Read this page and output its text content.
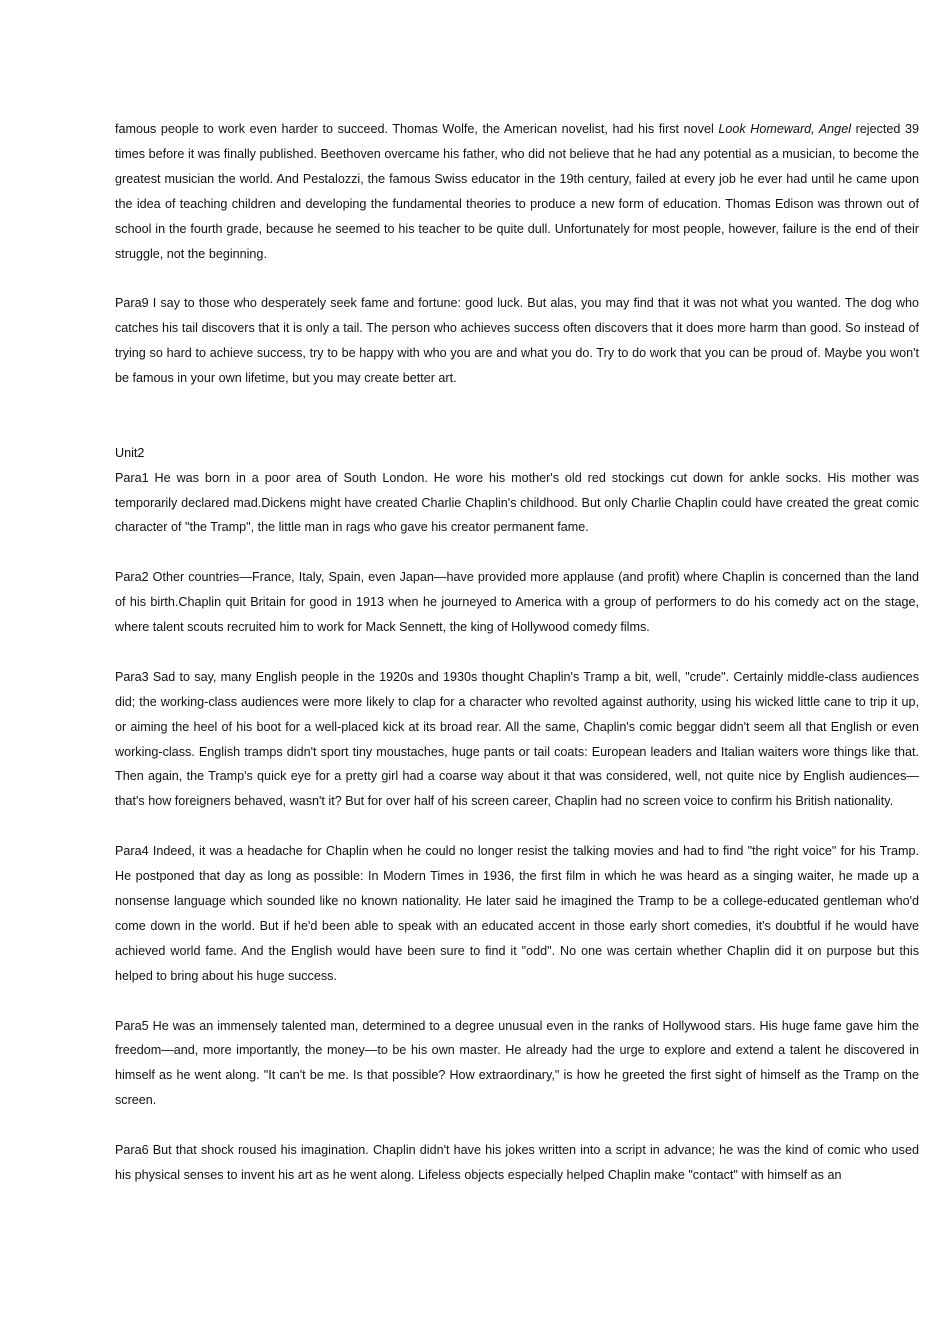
famous people to work even harder to succeed. Thomas Wolfe, the American novelist, had his first novel Look Homeward, Angel rejected 39 times before it was finally published. Beethoven overcame his father, who did not believe that he had any potential as a musician, to become the greatest musician the world. And Pestalozzi, the famous Swiss educator in the 19th century, failed at every job he ever had until he came upon the idea of teaching children and developing the fundamental theories to produce a new form of education. Thomas Edison was thrown out of school in the fourth grade, because he seemed to his teacher to be quite dull. Unfortunately for most people, however, failure is the end of their struggle, not the beginning.

Para9 I say to those who desperately seek fame and fortune: good luck. But alas, you may find that it was not what you wanted. The dog who catches his tail discovers that it is only a tail. The person who achieves success often discovers that it does more harm than good. So instead of trying so hard to achieve success, try to be happy with who you are and what you do. Try to do work that you can be proud of. Maybe you won't be famous in your own lifetime, but you may create better art.

Unit2

Para1 He was born in a poor area of South London. He wore his mother's old red stockings cut down for ankle socks. His mother was temporarily declared mad.Dickens might have created Charlie Chaplin's childhood. But only Charlie Chaplin could have created the great comic character of "the Tramp", the little man in rags who gave his creator permanent fame.

Para2 Other countries—France, Italy, Spain, even Japan—have provided more applause (and profit) where Chaplin is concerned than the land of his birth.Chaplin quit Britain for good in 1913 when he journeyed to America with a group of performers to do his comedy act on the stage, where talent scouts recruited him to work for Mack Sennett, the king of Hollywood comedy films.

Para3 Sad to say, many English people in the 1920s and 1930s thought Chaplin's Tramp a bit, well, "crude". Certainly middle-class audiences did; the working-class audiences were more likely to clap for a character who revolted against authority, using his wicked little cane to trip it up, or aiming the heel of his boot for a well-placed kick at its broad rear. All the same, Chaplin's comic beggar didn't seem all that English or even working-class. English tramps didn't sport tiny moustaches, huge pants or tail coats: European leaders and Italian waiters wore things like that. Then again, the Tramp's quick eye for a pretty girl had a coarse way about it that was considered, well, not quite nice by English audiences—that's how foreigners behaved, wasn't it? But for over half of his screen career, Chaplin had no screen voice to confirm his British nationality.

Para4 Indeed, it was a headache for Chaplin when he could no longer resist the talking movies and had to find "the right voice" for his Tramp. He postponed that day as long as possible: In Modern Times in 1936, the first film in which he was heard as a singing waiter, he made up a nonsense language which sounded like no known nationality. He later said he imagined the Tramp to be a college-educated gentleman who'd come down in the world. But if he'd been able to speak with an educated accent in those early short comedies, it's doubtful if he would have achieved world fame. And the English would have been sure to find it "odd". No one was certain whether Chaplin did it on purpose but this helped to bring about his huge success.

Para5 He was an immensely talented man, determined to a degree unusual even in the ranks of Hollywood stars. His huge fame gave him the freedom—and, more importantly, the money—to be his own master. He already had the urge to explore and extend a talent he discovered in himself as he went along. "It can't be me. Is that possible? How extraordinary," is how he greeted the first sight of himself as the Tramp on the screen.

Para6 But that shock roused his imagination. Chaplin didn't have his jokes written into a script in advance; he was the kind of comic who used his physical senses to invent his art as he went along. Lifeless objects especially helped Chaplin make "contact" with himself as an
